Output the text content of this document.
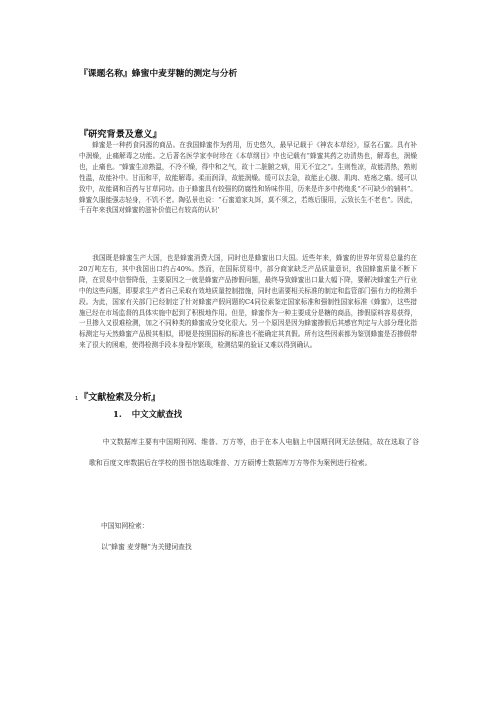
『课题名称』蜂蜜中麦芽糖的测定与分析
『研究背景及意义』

蜂蜜是一种药食同源的商品。在我国蜂蜜作为药用，历史悠久，最早记载于《神农本草经》，原名石蜜。具有补中润燥，止痛解毒之功能。之后著名医学家李时珍在《本草纲目》中也记载有“蜂蜜其药之功清热也，解毒也，润燥也，止痛也。“蜂蜜生凉熟温，不冷不燥，得中和之气，故十二脏腑之病，用无不宜之”。生则性凉，故能清热，熟则性温，故能补中。甘而和平，故能解毒。柔而润泽，故能润燥。缓可以去急，故能止心腹、肌肉、疮疡之痛。缓可以致中，故能调和百药与甘草同功。由于蜂蜜具有较强的防腐性和矫味作用，历来是许多中药炮炙“不可缺少的辅料”。蜂蜜久服能强志轻身，不饥不老。陶弘景也说：“石蜜道家丸饵，莫不须之，若炼后服用，云致长生不老也”。因此，千百年来我国对蜂蜜的滋补价值已有较高的认识’

我国既是蜂蜜生产大国，也是蜂蜜消费大国，同时也是蜂蜜出口大国。近些年来，蜂蜜的世界年贸易总量约在20万吨左右，其中我国出口约占40%。然而，在国际贸易中，部分商家缺乏产品质量意识，我国蜂蜜质量不断下降，在贸易中信誉降低，主要原因之一就是蜂蜜产品掺假问题，最终导致蜂蜜出口量大幅下降，要解决蜂蜜生产行业中的这些问题，即要求生产者自己采取有效地质量控制措施，同时也需要相关标准的制定和监管部门强有力的检测手段。为此，国家有关部门已经制定了针对蜂蜜产假问题的C4同位素鉴定国家标准和强制性国家标准《蜂蜜》，这些措施已经在市场监督的具体实施中起到了积极地作用。但是，蜂蜜作为一种主要成分是糖的商品，掺假原料容易获得，一旦掺入又很难检测，加之不同种类的蜂蜜成分变化很大。另一个原因是因为蜂蜜掺假后其感官判定与大部分理化指标测定与天然蜂蜜产品极其相似，即便是按照国标的标准也不能确定其真假。所有这些因素都为鉴别蜂蜜是否掺假带来了很大的困难，使得检测手段本身程序繁琐，检测结果的验证又难以得到确认。

1『文献检索及分析』
1. 中文文献查找

中文数据库主要有中国期刊网、维普、万方等，由于在本人电脑上中国期刊网无法登陆，故在选取了谷歌和百度文库数据后在学校的图书馆选取维普、万方硕博士数据库万方等作为案例进行检索。

中国知网检索：
以“蜂蜜 麦芽糖”为关键词查找
